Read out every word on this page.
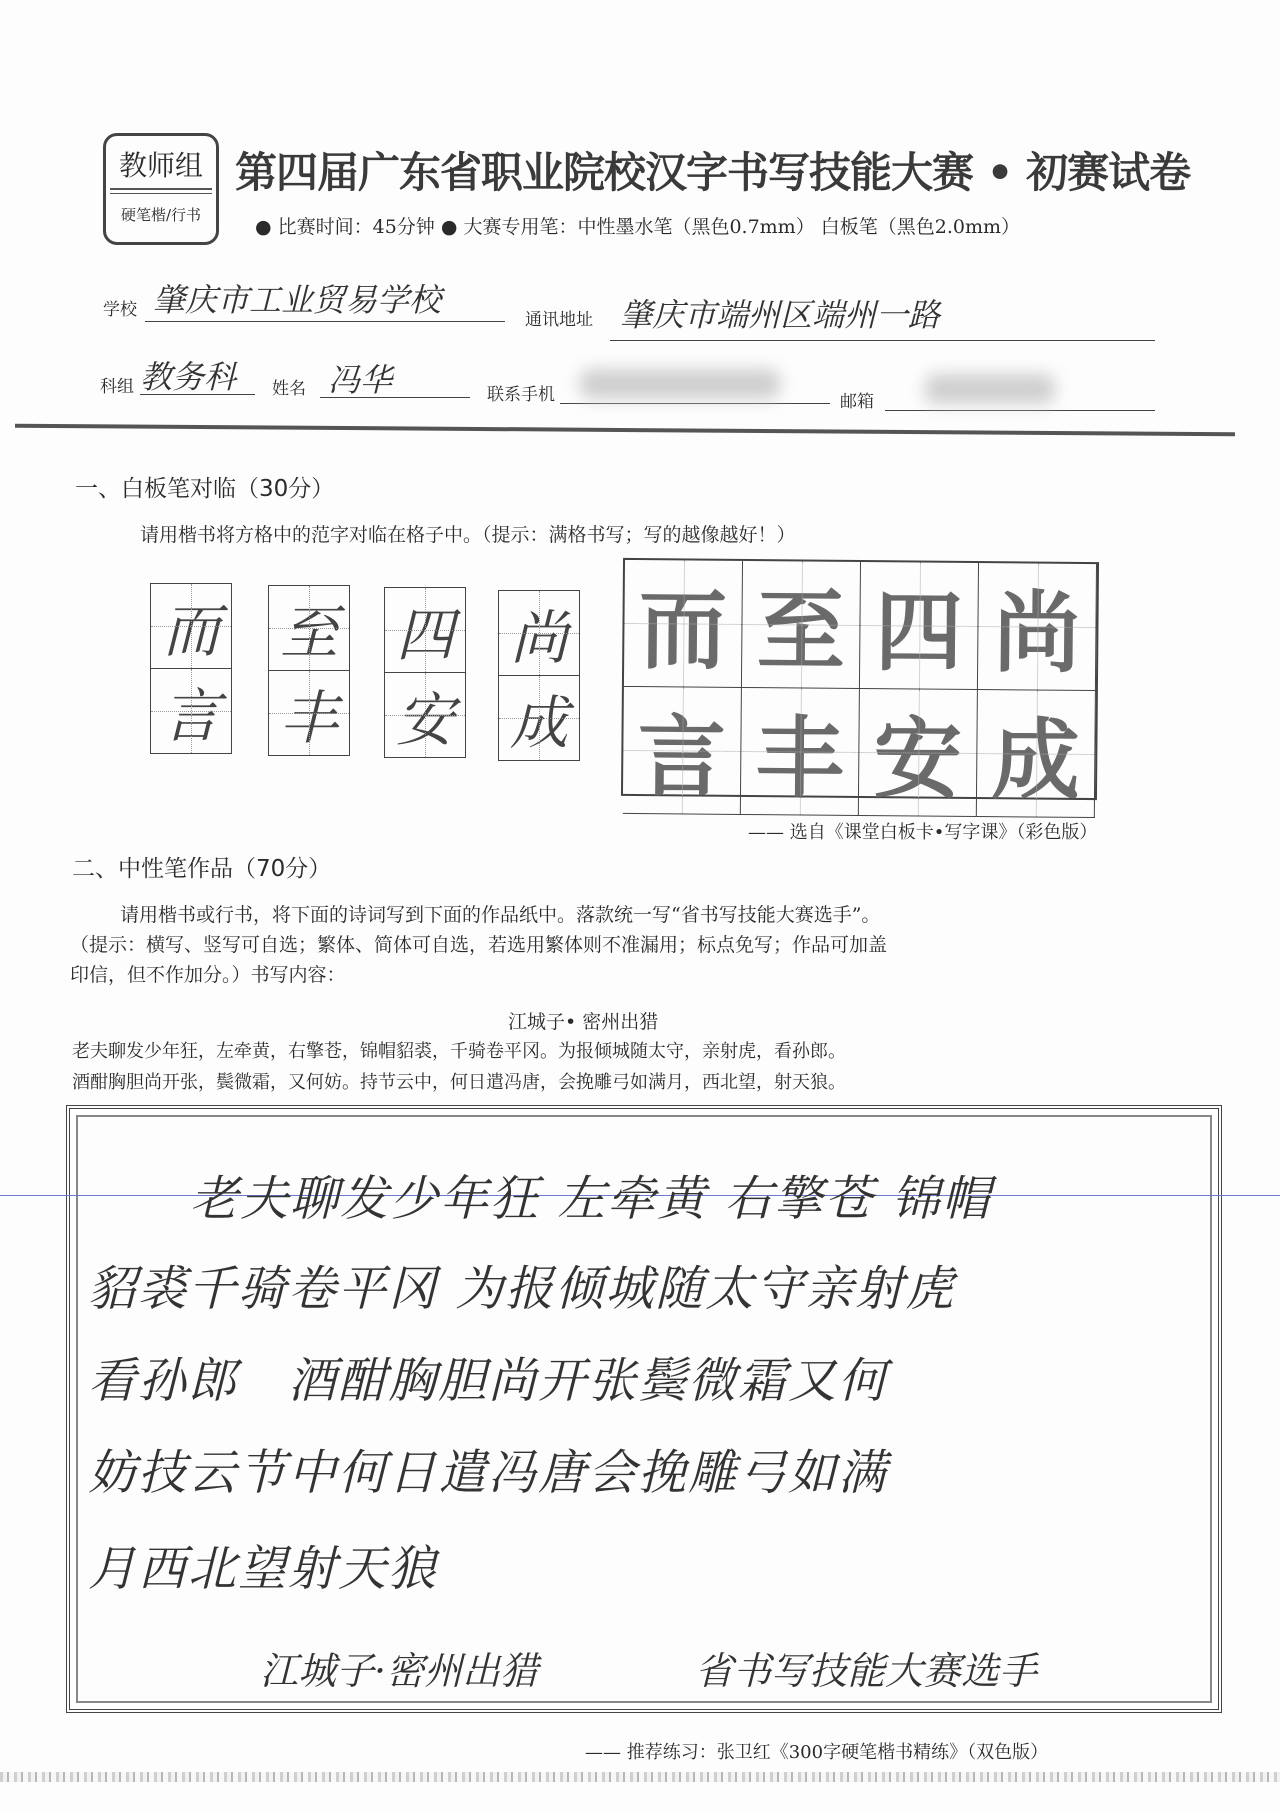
教师组
硬笔楷/行书
第四届广东省职业院校汉字书写技能大赛 • 初赛试卷
● 比赛时间：45分钟 ● 大赛专用笔：中性墨水笔（黑色0.7mm） 白板笔（黑色2.0mm）
学校 肇庆市工业贸易学校
通讯地址 肇庆市端州区端州一路
科组 教务科	姓名 冯华	联系手机	邮箱
一、白板笔对临（30分）
请用楷书将方格中的范字对临在格子中。（提示：满格书写；写的越像越好！）
而
言
至
丰
四
安
尚
成
而 至 四 尚
言 丰 安 成
—— 选自《课堂白板卡•写字课》（彩色版）
二、中性笔作品（70分）
请用楷书或行书，将下面的诗词写到下面的作品纸中。落款统一写“省书写技能大赛选手”。
（提示：横写、竖写可自选；繁体、简体可自选，若选用繁体则不准漏用；标点免写；作品可加盖
印信，但不作加分。）书写内容：
江城子• 密州出猎
老夫聊发少年狂，左牵黄，右擎苍，锦帽貂裘，千骑卷平冈。为报倾城随太守，亲射虎，看孙郎。
酒酣胸胆尚开张，鬓微霜，又何妨。持节云中，何日遣冯唐，会挽雕弓如满月，西北望，射天狼。
老夫聊发少年狂 左牵黄 右擎苍 锦帽
貂裘千骑卷平冈 为报倾城随太守亲射虎
看孙郎　酒酣胸胆尚开张鬓微霜又何
妨技云节中何日遣冯唐会挽雕弓如满
月西北望射天狼
江城子·密州出猎	省书写技能大赛选手
—— 推荐练习：张卫红《300字硬笔楷书精练》（双色版）
